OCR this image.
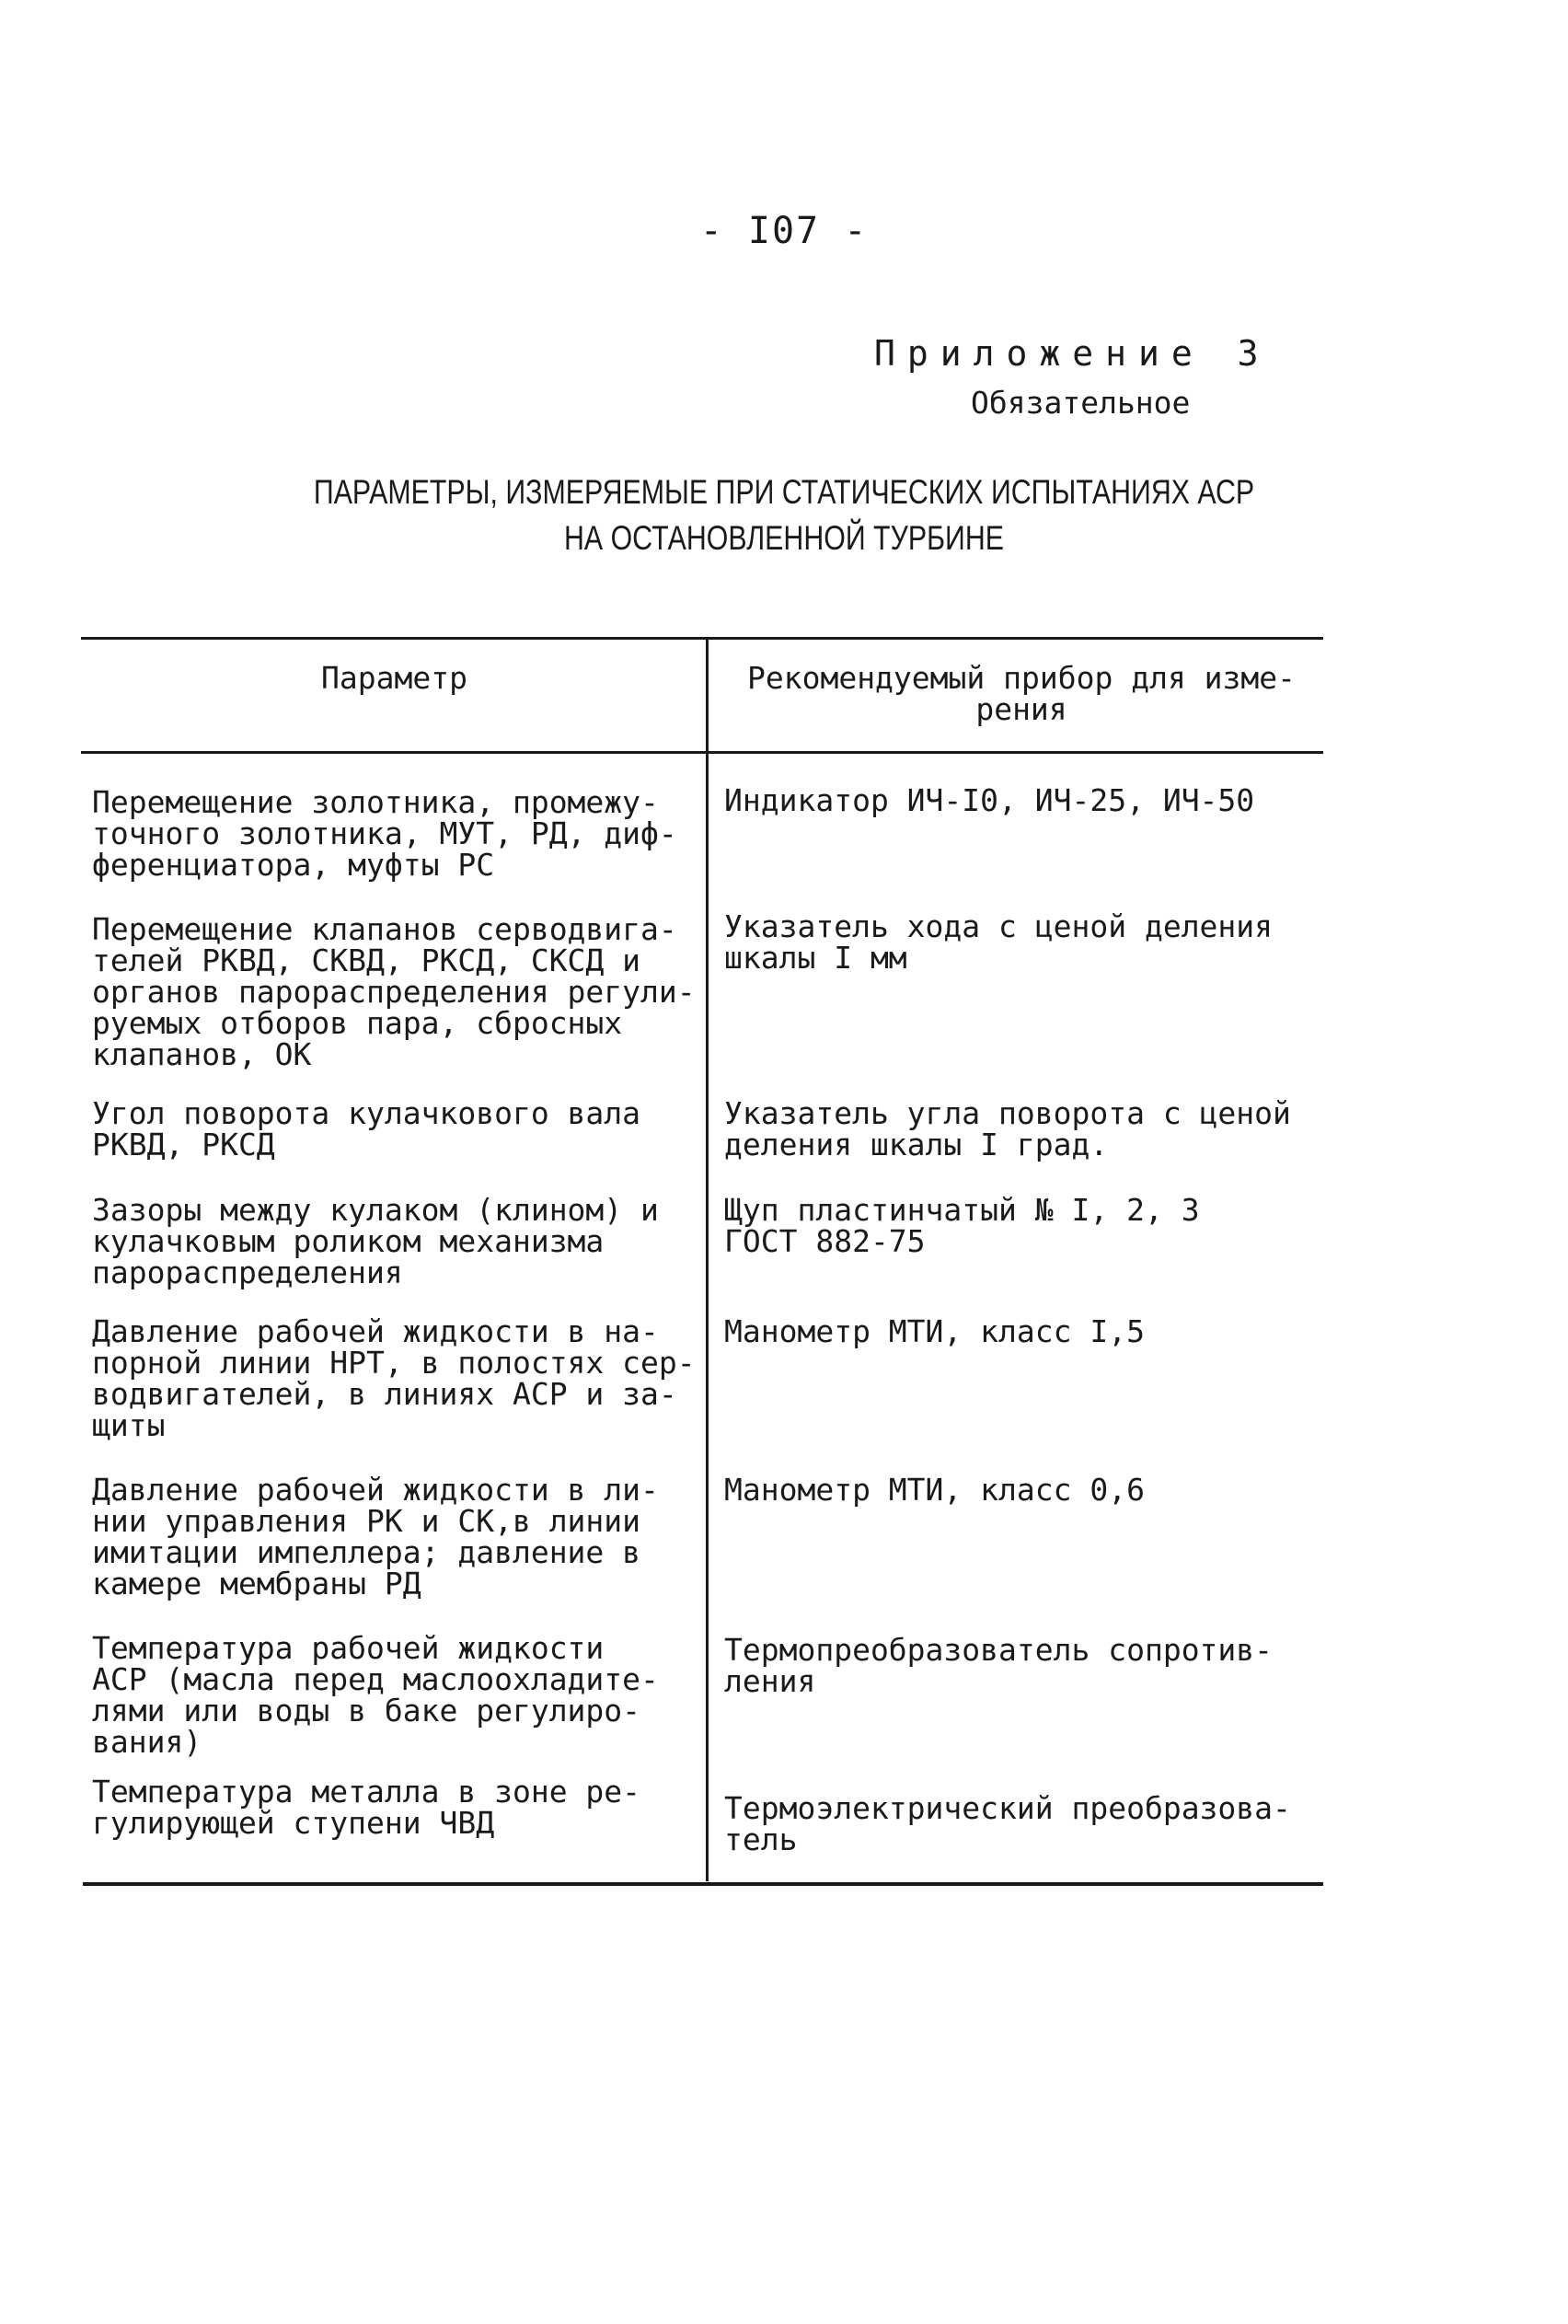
- I07 -
Приложение 3
Обязательное
ПАРАМЕТРЫ, ИЗМЕРЯЕМЫЕ ПРИ СТАТИЧЕСКИХ ИСПЫТАНИЯХ АСР
НА ОСТАНОВЛЕННОЙ ТУРБИНЕ
Параметр	Рекомендуемый прибор для изме-
рения
Перемещение золотника, промежу-
точного золотника, МУТ, РД, диф-
ференциатора, муфты РС
Индикатор ИЧ-I0, ИЧ-25, ИЧ-50
Перемещение клапанов серводвига-
телей РКВД, СКВД, РКСД, СКСД и
органов парораспределения регули-
руемых отборов пара, сбросных
клапанов, ОК
Указатель хода с ценой деления
шкалы I мм
Угол поворота кулачкового вала
РКВД, РКСД
Указатель угла поворота с ценой
деления шкалы I град.
Зазоры между кулаком (клином) и
кулачковым роликом механизма
парораспределения
Щуп пластинчатый № I, 2, 3
ГОСТ 882-75
Давление рабочей жидкости в на-
порной линии НРТ, в полостях сер-
водвигателей, в линиях АСР и за-
щиты
Манометр МТИ, класс I,5
Давление рабочей жидкости в ли-
нии управления РК и СК,в линии
имитации импеллера; давление в
камере мембраны РД
Манометр МТИ, класс 0,6
Температура рабочей жидкости
АСР (масла перед маслоохладите-
лями или воды в баке регулиро-
вания)
Термопреобразователь сопротив-
ления
Температура металла в зоне ре-
гулирующей ступени ЧВД	Термоэлектрический преобразова-
тель
